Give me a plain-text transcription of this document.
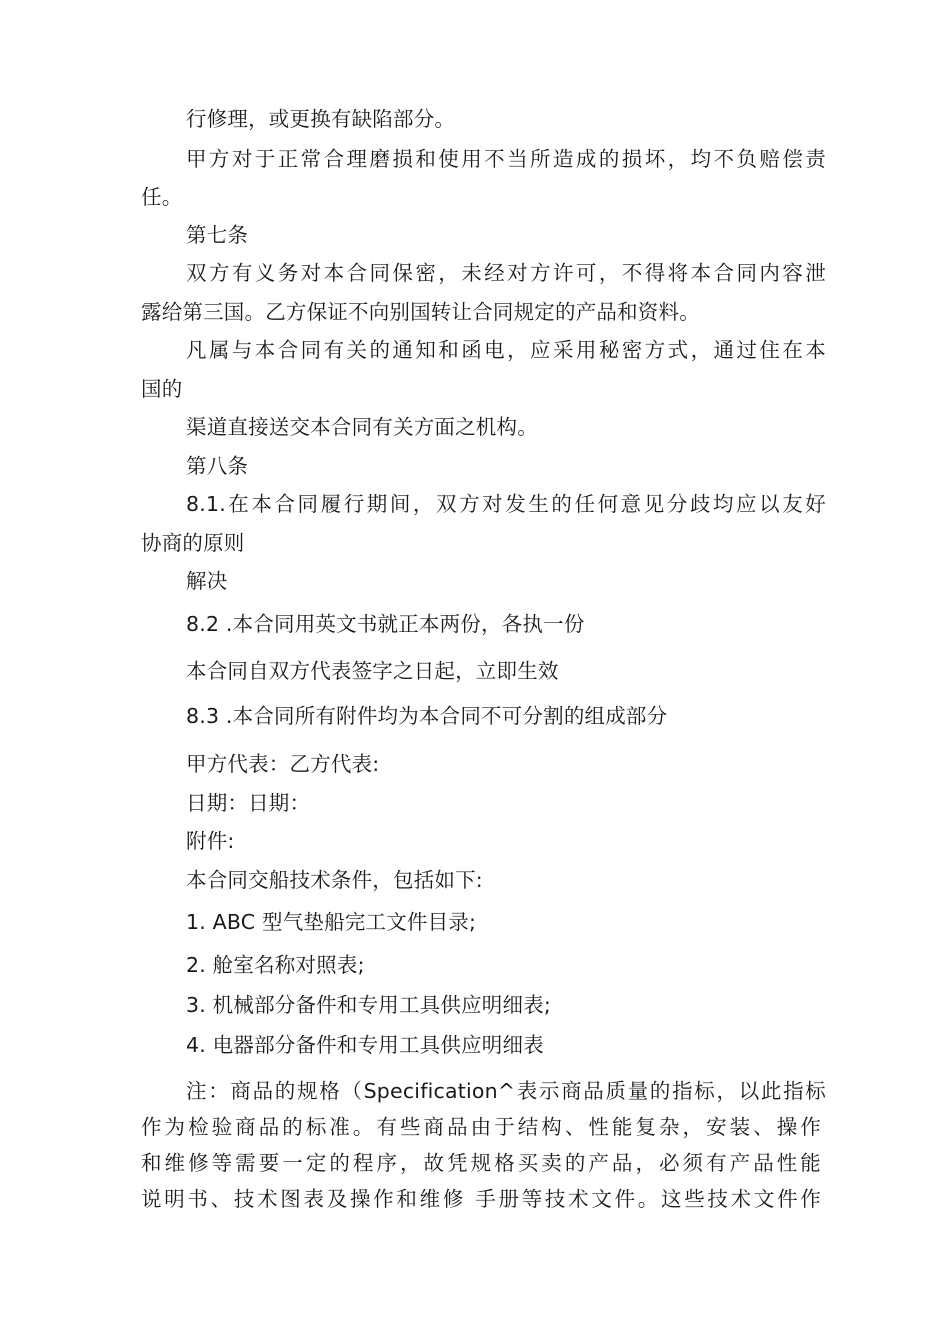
行修理，或更换有缺陷部分。
甲方对于正常合理磨损和使用不当所造成的损坏，均不负赔偿责
任。
第七条
双方有义务对本合同保密，未经对方许可，不得将本合同内容泄
露给第三国。乙方保证不向别国转让合同规定的产品和资料。
凡属与本合同有关的通知和函电，应采用秘密方式，通过住在本
国的
渠道直接送交本合同有关方面之机构。
第八条
8.1.在本合同履行期间，双方对发生的任何意见分歧均应以友好
协商的原则
解决
8.2 .本合同用英文书就正本两份，各执一份
本合同自双方代表签字之日起，立即生效
8.3 .本合同所有附件均为本合同不可分割的组成部分
甲方代表：乙方代表:
日期：日期：
附件:
本合同交船技术条件，包括如下:
1. ABC 型气垫船完工文件目录;
2. 舱室名称对照表;
3. 机械部分备件和专用工具供应明细表;
4. 电器部分备件和专用工具供应明细表
注：商品的规格（Specification^表示商品质量的指标，以此指标
作为检验商品的标准。有些商品由于结构、性能复杂，安装、操作
和维修等需要一定的程序，故凭规格买卖的产品，必须有产品性能
说明书、技术图表及操作和维修 手册等技术文件。这些技术文件作
